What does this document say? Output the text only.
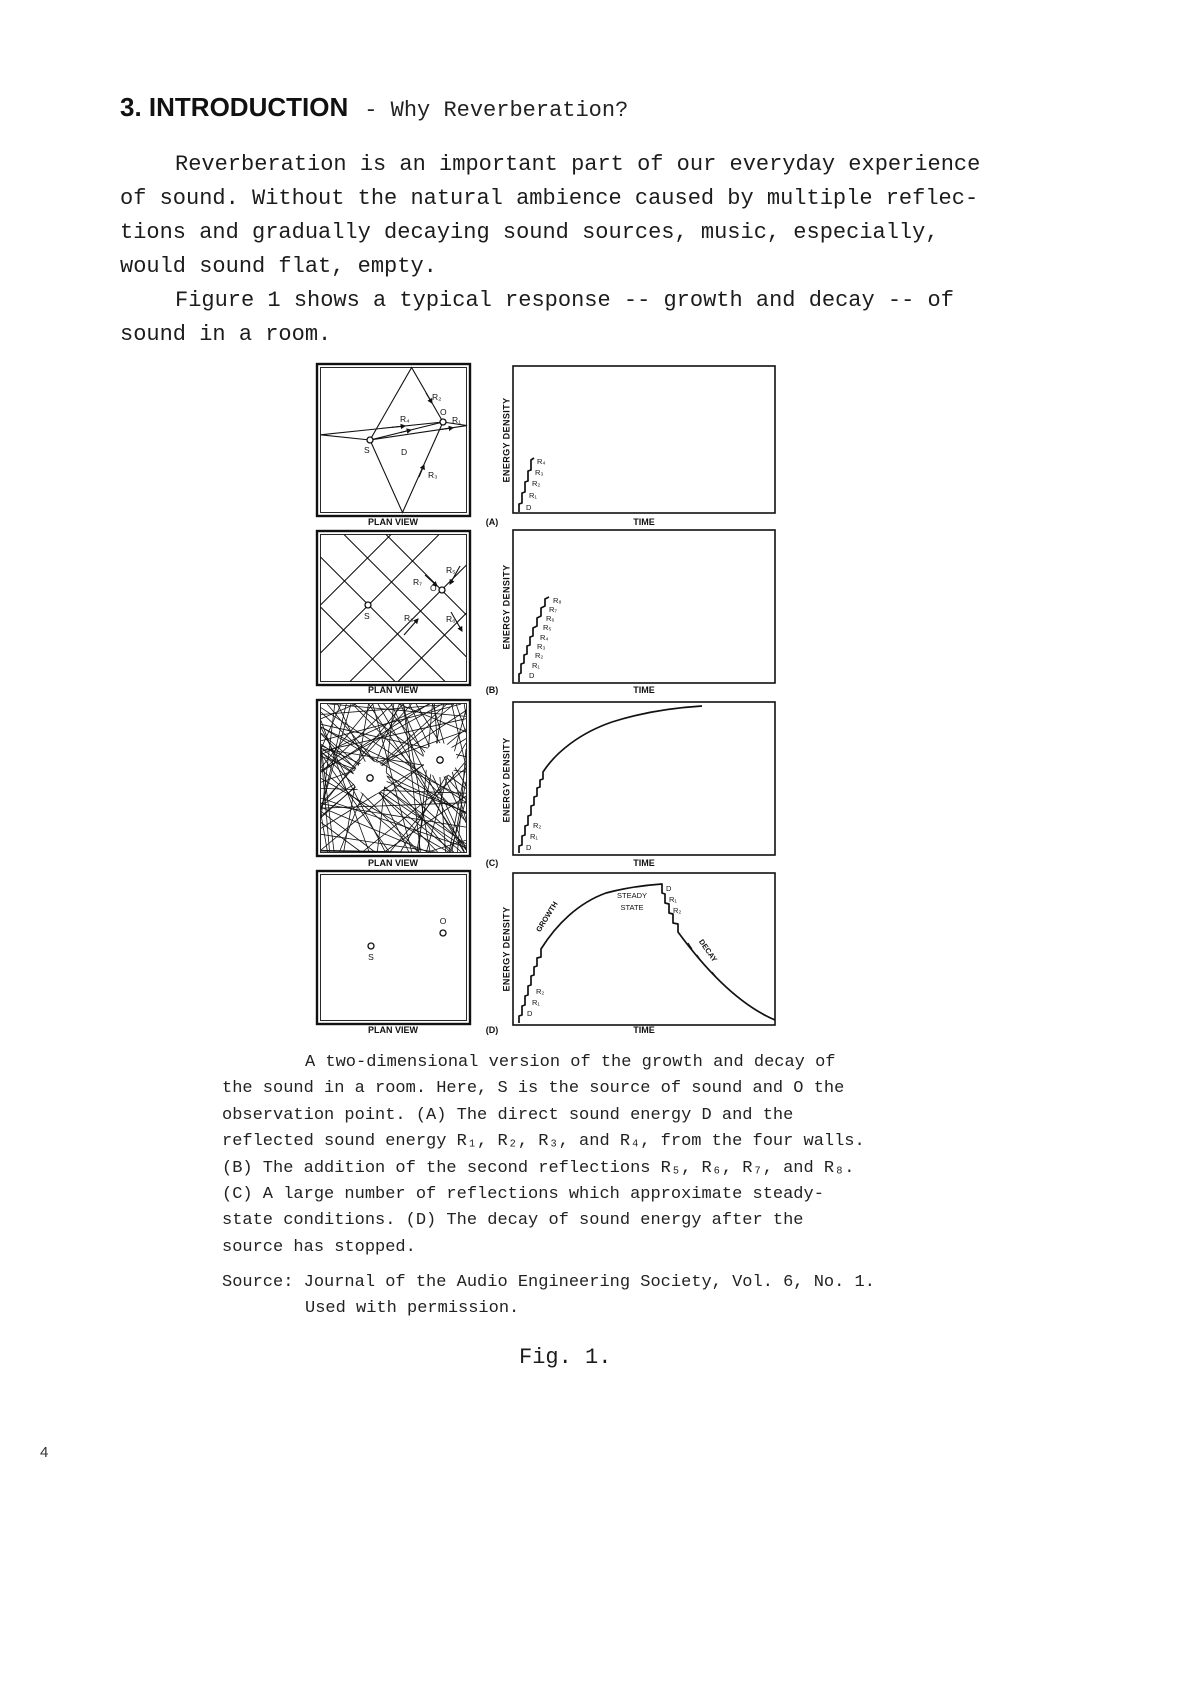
3. INTRODUCTION - Why Reverberation?
Reverberation is an important part of our everyday experience
of sound. Without the natural ambience caused by multiple reflec-
tions and gradually decaying sound sources, music, especially,
would sound flat, empty.
Figure 1 shows a typical response -- growth and decay -- of
sound in a room.
R₂
O
R₁
R₄
S	D
R₃	ENERGY DENSITY	R₄
R₃
R₂
R₁
D
PLAN VIEW	(A)	TIME
R₅
R₇
O
S	R₈	R₆	ENERGY DENSITY	R₈
R₇
R₆
R₅
R₄
R₃
R₂
R₁
D
PLAN VIEW	(B)	TIME
ENERGY DENSITY
R₂
R₁
D
PLAN VIEW	(C)	TIME
O
S	ENERGY DENSITY	GROWTH
STEADY
STATE
DECAY
D
R₁
R₂
R₂
R₁
D
PLAN VIEW	(D)	TIME
A two-dimensional version of the growth and decay of
the sound in a room. Here, S is the source of sound and O the
observation point. (A) The direct sound energy D and the
reflected sound energy R₁, R₂, R₃, and R₄, from the four walls.
(B) The addition of the second reflections R₅, R₆, R₇, and R₈.
(C) A large number of reflections which approximate steady-
state conditions. (D) The decay of sound energy after the
source has stopped.
Source: Journal of the Audio Engineering Society, Vol. 6, No. 1.
Used with permission.
Fig. 1.
4
